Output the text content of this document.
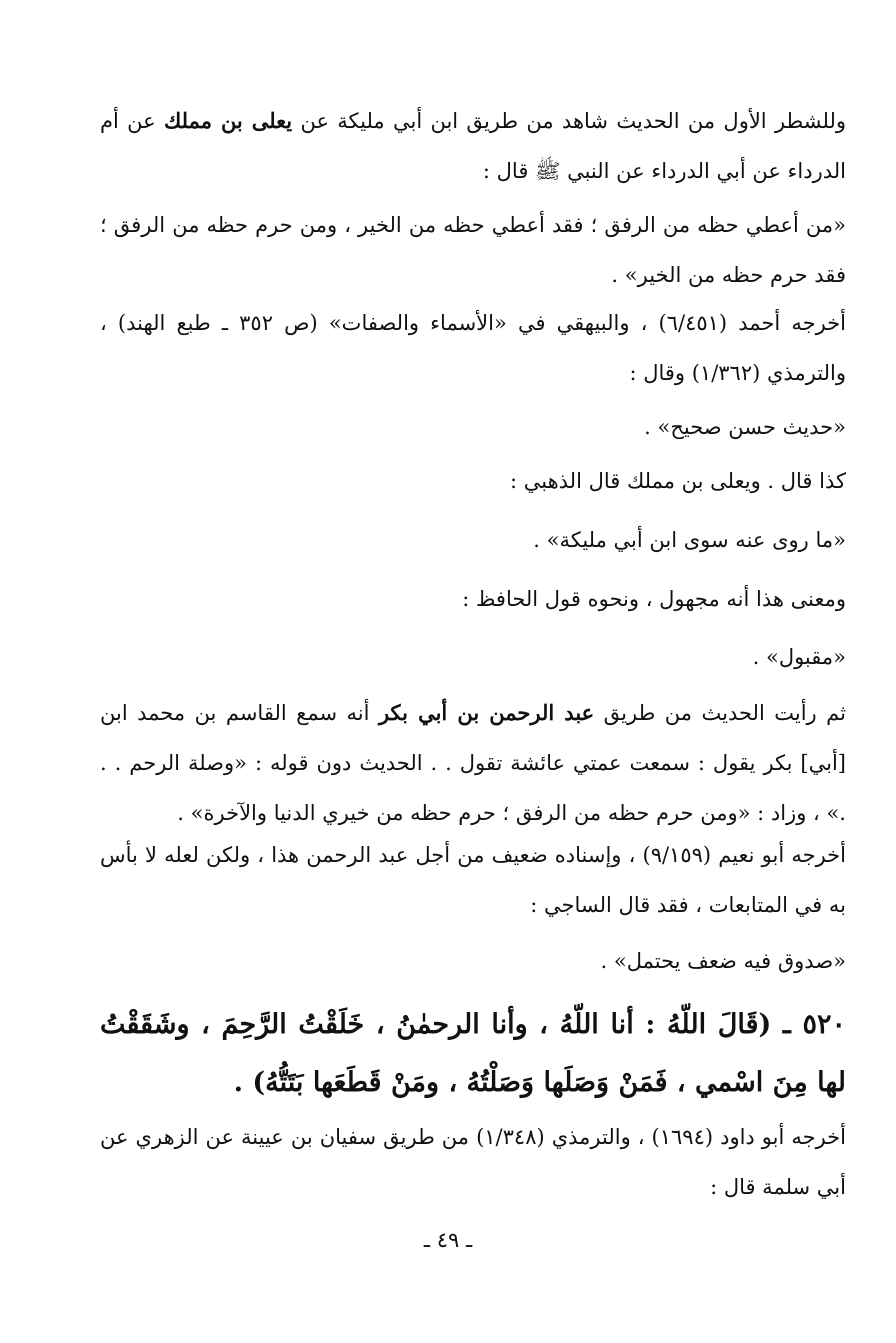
وللشطر الأول من الحديث شاهد من طريق ابن أبي مليكة عن يعلى بن مملك عن أم الدرداء عن أبي الدرداء عن النبي ﷺ قال :
«من أعطي حظه من الرفق ؛ فقد أعطي حظه من الخير ، ومن حرم حظه من الرفق ؛ فقد حرم حظه من الخير» .
أخرجه أحمد (٦/٤٥١) ، والبيهقي في «الأسماء والصفات» (ص ٣٥٢ ـ طبع الهند) ، والترمذي (١/٣٦٢) وقال :
«حديث حسن صحيح» .
كذا قال . ويعلى بن مملك قال الذهبي :
«ما روى عنه سوى ابن أبي مليكة» .
ومعنى هذا أنه مجهول ، ونحوه قول الحافظ :
«مقبول» .
ثم رأيت الحديث من طريق عبد الرحمن بن أبي بكر أنه سمع القاسم بن محمد ابن [أبي] بكر يقول : سمعت عمتي عائشة تقول . . الحديث دون قوله : «وصلة الرحم . . .» ، وزاد : «ومن حرم حظه من الرفق ؛ حرم حظه من خيري الدنيا والآخرة» .
أخرجه أبو نعيم (٩/١٥٩) ، وإسناده ضعيف من أجل عبد الرحمن هذا ، ولكن لعله لا بأس به في المتابعات ، فقد قال الساجي :
«صدوق فيه ضعف يحتمل» .
٥٢٠ ـ (قَالَ اللّهُ : أنا اللّهُ ، وأنا الرحمٰنُ ، خَلَقْتُ الرَّحِمَ ، وشَقَقْتُ لها مِنَ اسْمي ، فَمَنْ وَصَلَها وَصَلْتُهُ ، ومَنْ قَطَعَها بَتَتُّهُ) .
أخرجه أبو داود (١٦٩٤) ، والترمذي (١/٣٤٨) من طريق سفيان بن عيينة عن الزهري عن أبي سلمة قال :
ـ ٤٩ ـ
